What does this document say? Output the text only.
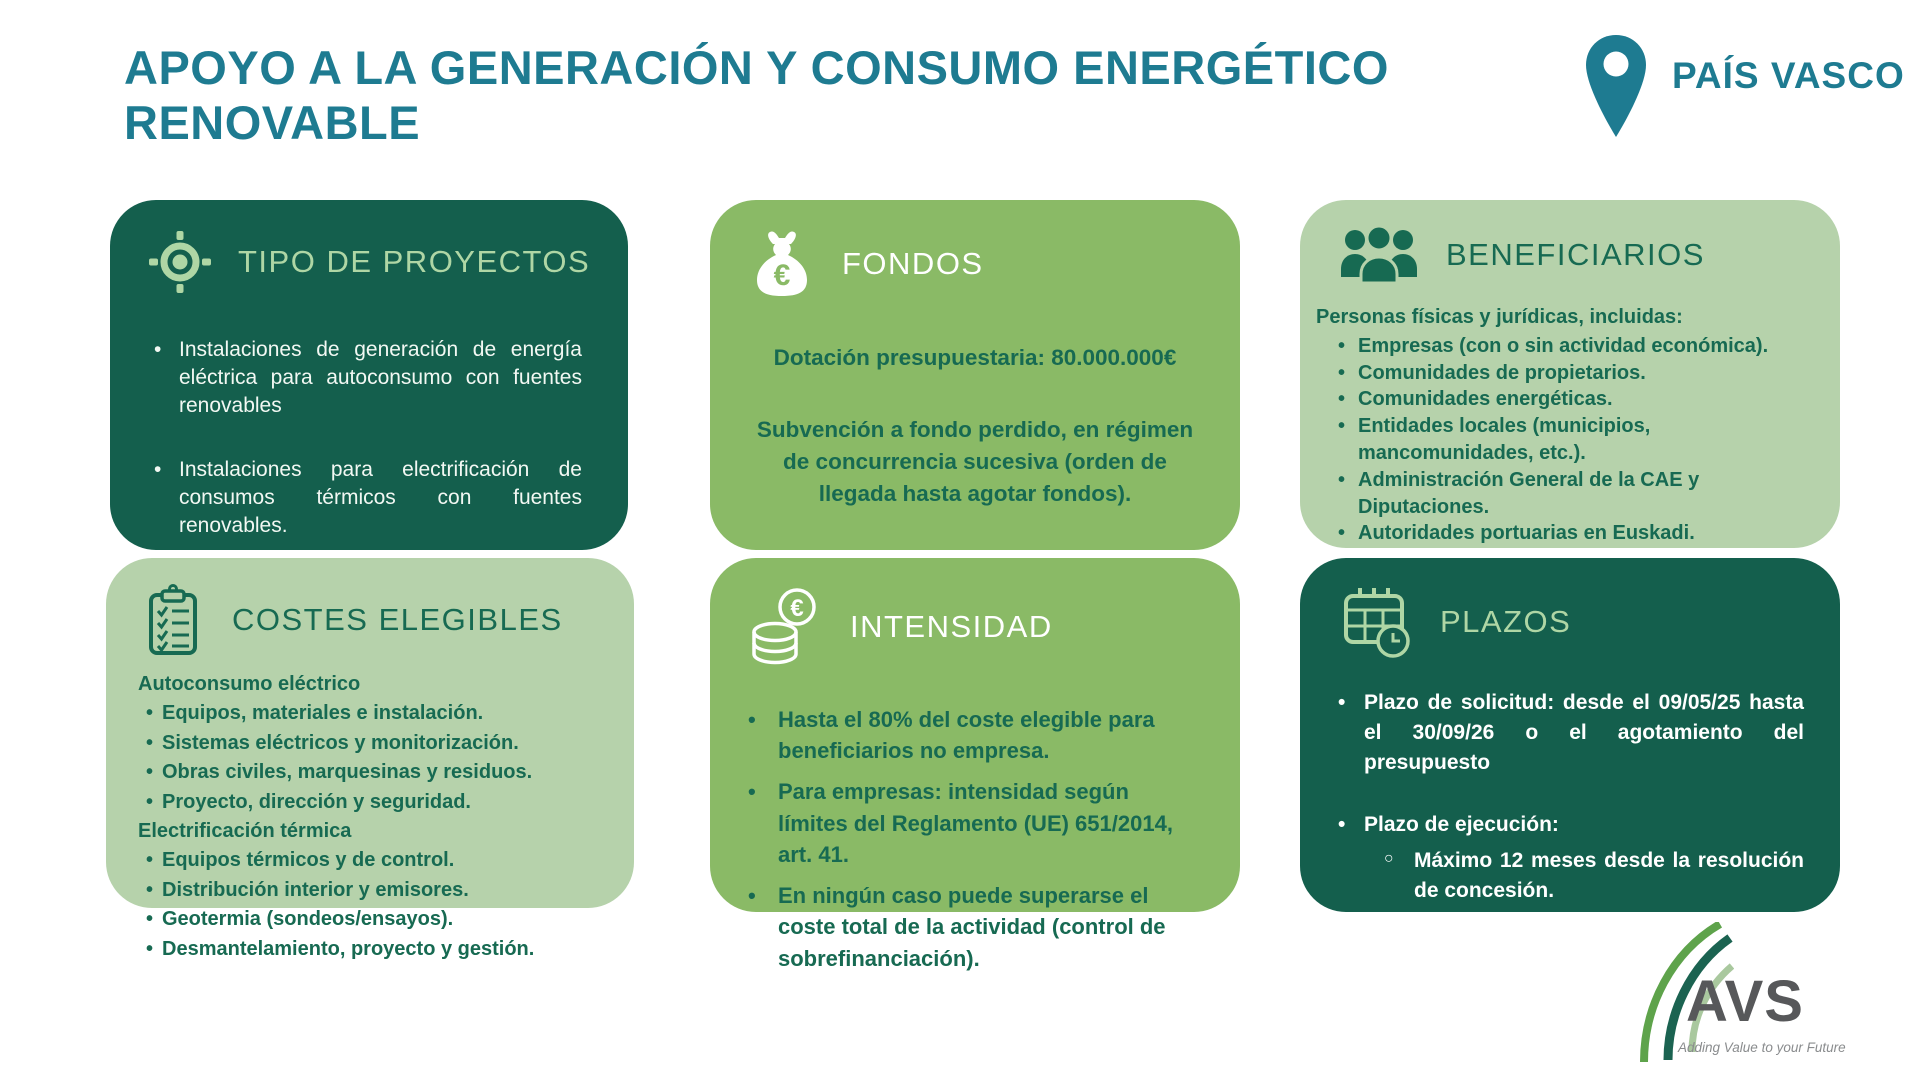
APOYO A LA GENERACIÓN Y CONSUMO ENERGÉTICO RENOVABLE
PAÍS VASCO
TIPO DE PROYECTOS
• Instalaciones de generación de energía eléctrica para autoconsumo con fuentes renovables
• Instalaciones para electrificación de consumos térmicos con fuentes renovables.
€ FONDOS

Dotación presupuestaria: 80.000.000€

Subvención a fondo perdido, en régimen de concurrencia sucesiva (orden de llegada hasta agotar fondos).

BENEFICIARIOS

Personas físicas y jurídicas, incluidas:

• Empresas (con o sin actividad económica).
• Comunidades de propietarios.
• Comunidades energéticas.
• Entidades locales (municipios, mancomunidades, etc.).
• Administración General de la CAE y Diputaciones.
• Autoridades portuarias en Euskadi.
COSTES ELEGIBLES
Autoconsumo eléctrico
• Equipos, materiales e instalación.
• Sistemas eléctricos y monitorización.
• Obras civiles, marquesinas y residuos.
• Proyecto, dirección y seguridad.
Electrificación térmica
• Equipos térmicos y de control.
• Distribución interior y emisores.
• Geotermia (sondeos/ensayos).
• Desmantelamiento, proyecto y gestión.
€
INTENSIDAD
• Hasta el 80% del coste elegible para beneficiarios no empresa.
• Para empresas: intensidad según límites del Reglamento (UE) 651/2014, art. 41.
• En ningún caso puede superarse el coste total de la actividad (control de sobrefinanciación).
PLAZOS
• Plazo de solicitud: desde el 09/05/25 hasta el 30/09/26 o el agotamiento del presupuesto
• Plazo de ejecución:
○ Máximo 12 meses desde la resolución de concesión.
○ Fecha límite absoluta: 30 de diciembre de 2027.
AVS
Adding Value to your Future
